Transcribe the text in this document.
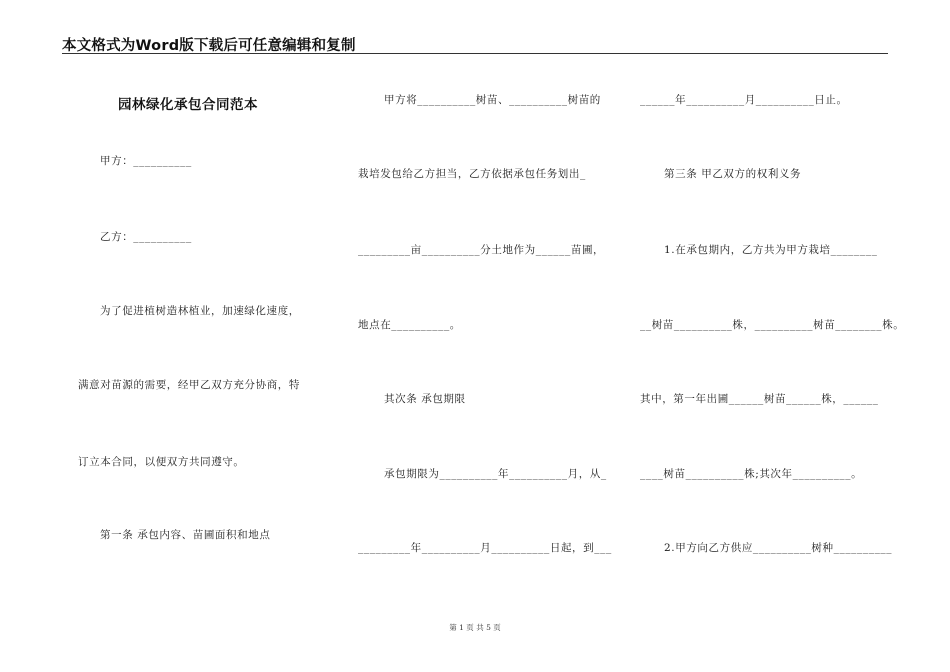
本文格式为Word版下载后可任意编辑和复制
园林绿化承包合同范本
甲方：__________
乙方：__________
为了促进植树造林植业，加速绿化速度，
满意对苗源的需要，经甲乙双方充分协商，特
订立本合同，以便双方共同遵守。
第一条 承包内容、苗圃面积和地点
甲方将__________树苗、__________树苗的
栽培发包给乙方担当，乙方依据承包任务划出_
_________亩__________分土地作为______苗圃，
地点在__________。
其次条 承包期限
承包期限为__________年__________月，从_
_________年__________月__________日起，到___
______年__________月__________日止。
第三条 甲乙双方的权利义务
1.在承包期内，乙方共为甲方栽培________
__树苗__________株，__________树苗________株。
其中，第一年出圃______树苗______株，______
____树苗__________株;其次年__________。
2.甲方向乙方供应__________树种__________
第 1 页 共 5 页
